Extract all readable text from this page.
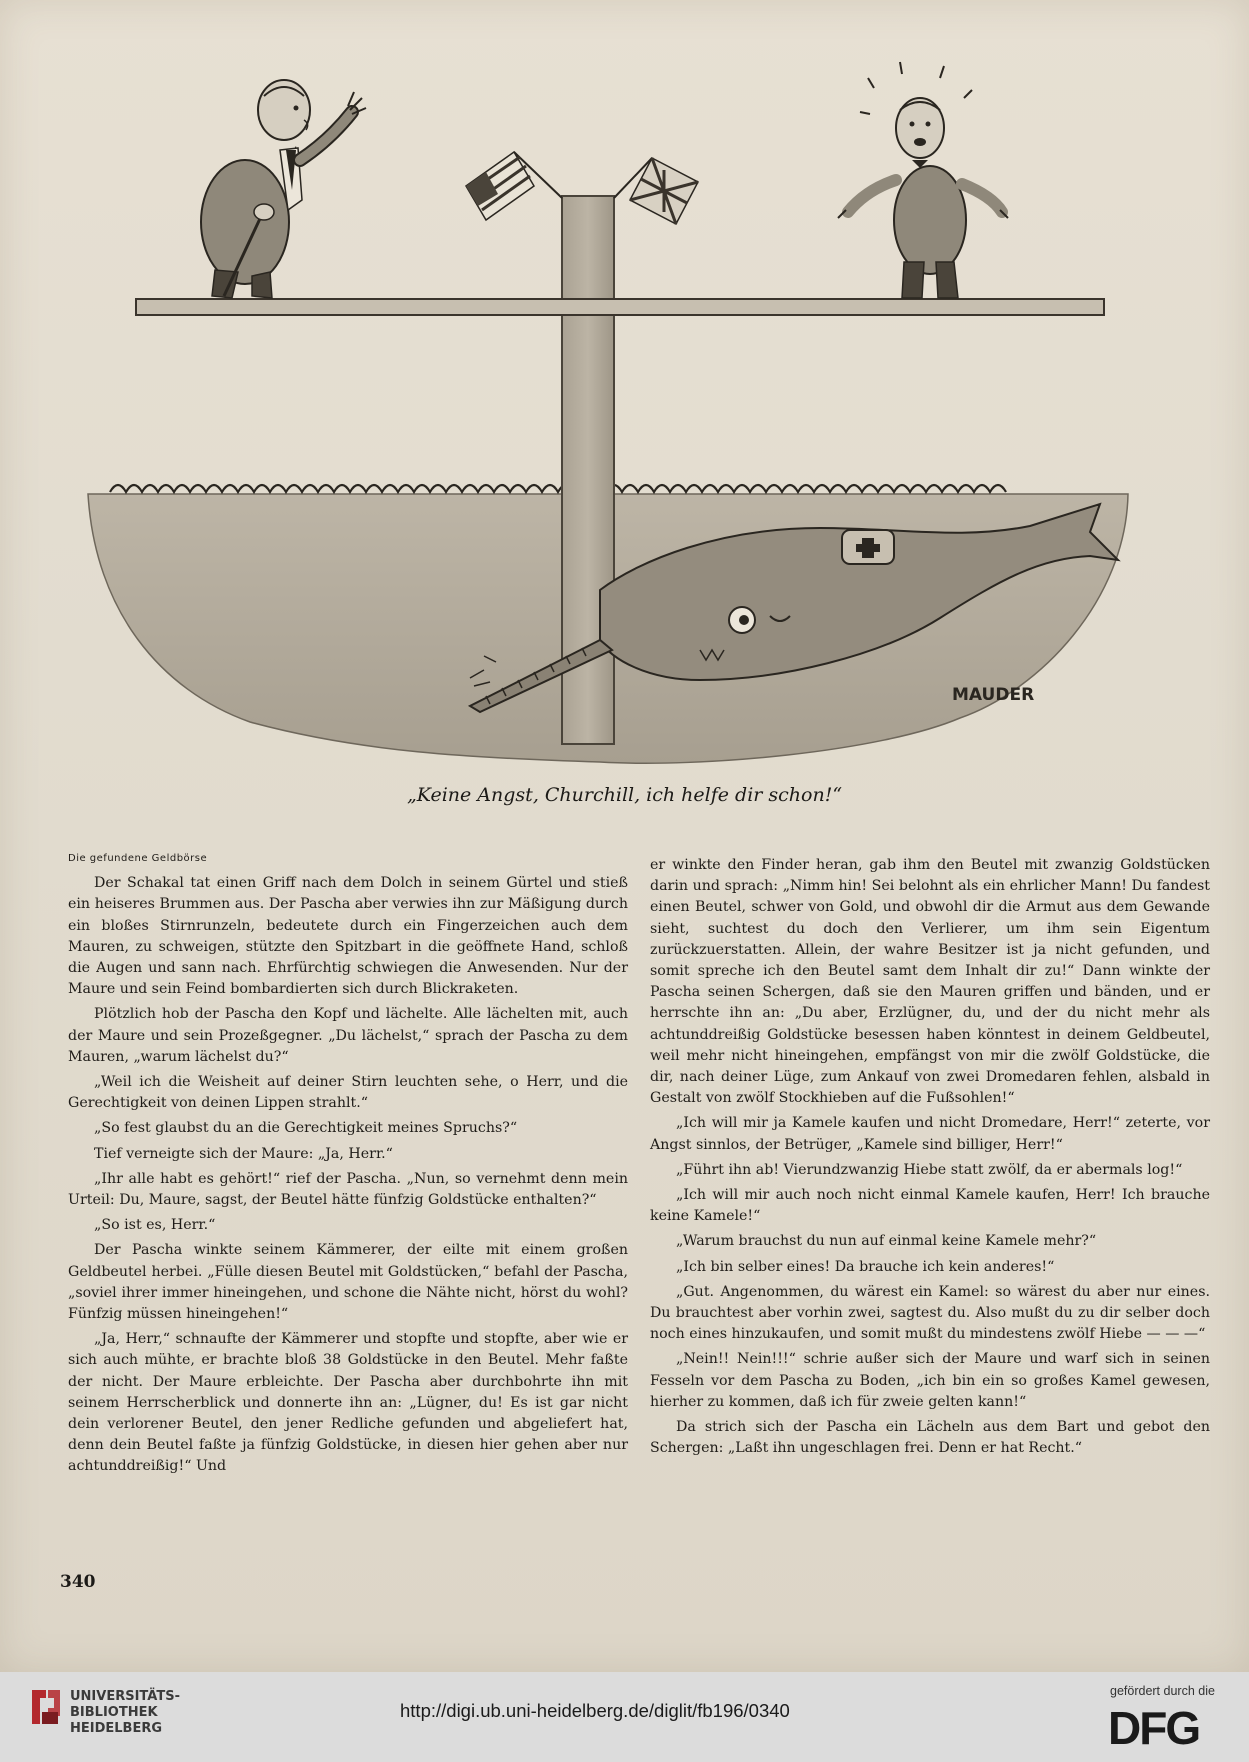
MAUDER
„Keine Angst, Churchill, ich helfe dir schon!“
Die gefundene Geldbörse

Der Schakal tat einen Griff nach dem Dolch in seinem Gürtel und stieß ein heiseres Brummen aus. Der Pascha aber verwies ihn zur Mäßigung durch ein bloßes Stirnrunzeln, bedeutete durch ein Fingerzeichen auch dem Mauren, zu schweigen, stützte den Spitzbart in die geöffnete Hand, schloß die Augen und sann nach. Ehrfürchtig schwiegen die Anwesenden. Nur der Maure und sein Feind bombardierten sich durch Blickraketen.

Plötzlich hob der Pascha den Kopf und lächelte. Alle lächelten mit, auch der Maure und sein Prozeßgegner. „Du lächelst,“ sprach der Pascha zu dem Mauren, „warum lächelst du?“

„Weil ich die Weisheit auf deiner Stirn leuchten sehe, o Herr, und die Gerechtigkeit von deinen Lippen strahlt.“

„So fest glaubst du an die Gerechtigkeit meines Spruchs?“

Tief verneigte sich der Maure: „Ja, Herr.“

„Ihr alle habt es gehört!“ rief der Pascha. „Nun, so vernehmt denn mein Urteil: Du, Maure, sagst, der Beutel hätte fünfzig Goldstücke enthalten?“

„So ist es, Herr.“

Der Pascha winkte seinem Kämmerer, der eilte mit einem großen Geldbeutel herbei. „Fülle diesen Beutel mit Goldstücken,“ befahl der Pascha, „soviel ihrer immer hineingehen, und schone die Nähte nicht, hörst du wohl? Fünfzig müssen hineingehen!“

„Ja, Herr,“ schnaufte der Kämmerer und stopfte und stopfte, aber wie er sich auch mühte, er brachte bloß 38 Goldstücke in den Beutel. Mehr faßte der nicht. Der Maure erbleichte. Der Pascha aber durchbohrte ihn mit seinem Herrscherblick und donnerte ihn an: „Lügner, du! Es ist gar nicht dein verlorener Beutel, den jener Redliche gefunden und abgeliefert hat, denn dein Beutel faßte ja fünfzig Goldstücke, in diesen hier gehen aber nur achtunddreißig!“ Und

er winkte den Finder heran, gab ihm den Beutel mit zwanzig Goldstücken darin und sprach: „Nimm hin! Sei belohnt als ein ehrlicher Mann! Du fandest einen Beutel, schwer von Gold, und obwohl dir die Armut aus dem Gewande sieht, suchtest du doch den Verlierer, um ihm sein Eigentum zurückzuerstatten. Allein, der wahre Besitzer ist ja nicht gefunden, und somit spreche ich den Beutel samt dem Inhalt dir zu!“ Dann winkte der Pascha seinen Schergen, daß sie den Mauren griffen und bänden, und er herrschte ihn an: „Du aber, Erzlügner, du, und der du nicht mehr als achtunddreißig Goldstücke besessen haben könntest in deinem Geldbeutel, weil mehr nicht hineingehen, empfängst von mir die zwölf Goldstücke, die dir, nach deiner Lüge, zum Ankauf von zwei Dromedaren fehlen, alsbald in Gestalt von zwölf Stockhieben auf die Fußsohlen!“

„Ich will mir ja Kamele kaufen und nicht Dromedare, Herr!“ zeterte, vor Angst sinnlos, der Betrüger, „Kamele sind billiger, Herr!“

„Führt ihn ab! Vierundzwanzig Hiebe statt zwölf, da er abermals log!“

„Ich will mir auch noch nicht einmal Kamele kaufen, Herr! Ich brauche keine Kamele!“

„Warum brauchst du nun auf einmal keine Kamele mehr?“

„Ich bin selber eines! Da brauche ich kein anderes!“

„Gut. Angenommen, du wärest ein Kamel: so wärest du aber nur eines. Du brauchtest aber vorhin zwei, sagtest du. Also mußt du zu dir selber doch noch eines hinzukaufen, und somit mußt du mindestens zwölf Hiebe — — —“

„Nein!! Nein!!!“ schrie außer sich der Maure und warf sich in seinen Fesseln vor dem Pascha zu Boden, „ich bin ein so großes Kamel gewesen, hierher zu kommen, daß ich für zweie gelten kann!“

Da strich sich der Pascha ein Lächeln aus dem Bart und gebot den Schergen: „Laßt ihn ungeschlagen frei. Denn er hat Recht.“

340
UNIVERSITÄTS-
BIBLIOTHEK
HEIDELBERG
http://digi.ub.uni-heidelberg.de/diglit/fb196/0340
gefördert durch die
DFG
